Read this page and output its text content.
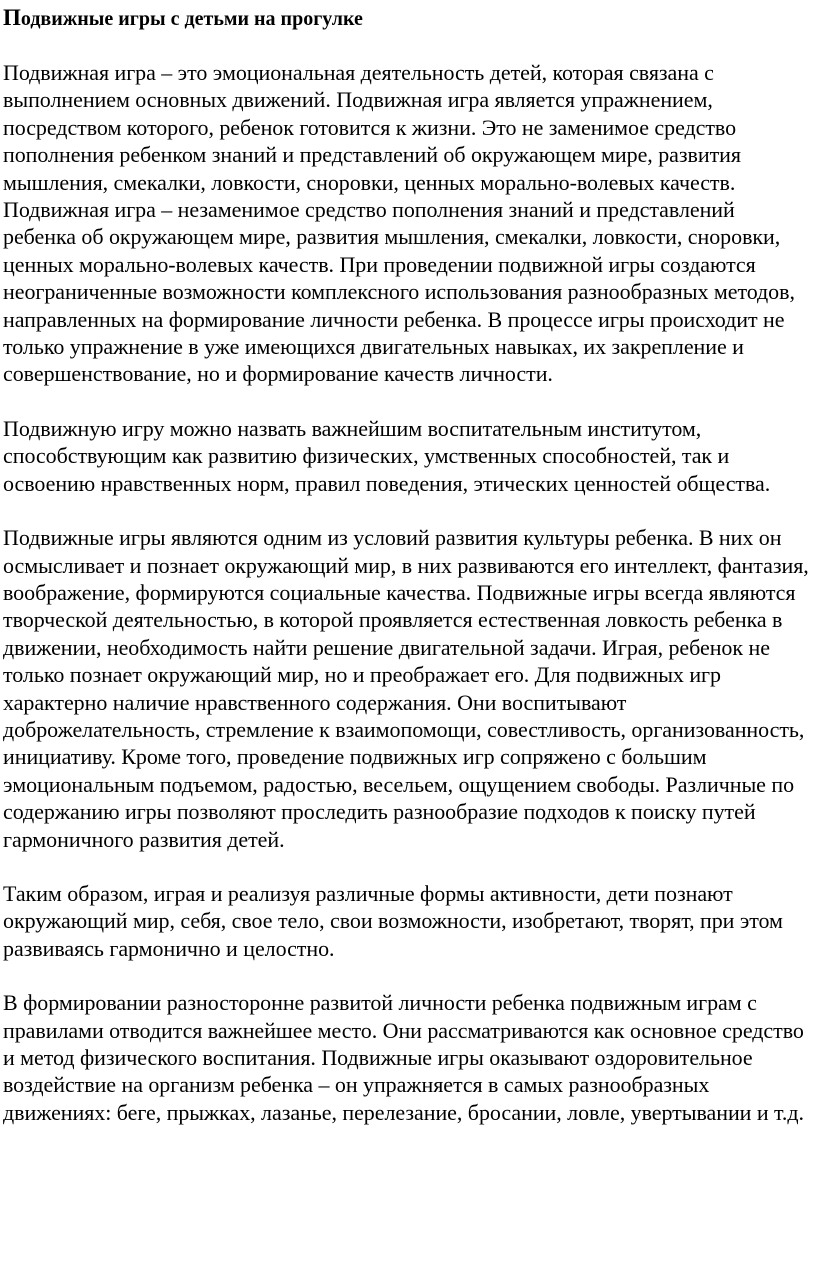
Подвижные игры с детьми на прогулке

Подвижная игра – это эмоциональная деятельность детей, которая связана с выполнением основных движений. Подвижная игра является упражнением, посредством которого, ребенок готовится к жизни. Это не заменимое средство пополнения ребенком знаний и представлений об окружающем мире, развития мышления, смекалки, ловкости, сноровки, ценных морально-волевых качеств. Подвижная игра – незаменимое средство пополнения знаний и представлений ребенка об окружающем мире, развития мышления, смекалки, ловкости, сноровки, ценных морально-волевых качеств. При проведении подвижной игры создаются неограниченные возможности комплексного использования разнообразных методов, направленных на формирование личности ребенка. В процессе игры происходит не только упражнение в уже имеющихся двигательных навыках, их закрепление и совершенствование, но и формирование качеств личности.

Подвижную игру можно назвать важнейшим воспитательным институтом, способствующим как развитию физических, умственных способностей, так и освоению нравственных норм, правил поведения, этических ценностей общества.

Подвижные игры являются одним из условий развития культуры ребенка. В них он осмысливает и познает окружающий мир, в них развиваются его интеллект, фантазия, воображение, формируются социальные качества. Подвижные игры всегда являются творческой деятельностью, в которой проявляется естественная ловкость ребенка в движении, необходимость найти решение двигательной задачи. Играя, ребенок не только познает окружающий мир, но и преображает его. Для подвижных игр характерно наличие нравственного содержания. Они воспитывают доброжелательность, стремление к взаимопомощи, совестливость, организованность, инициативу. Кроме того, проведение подвижных игр сопряжено с большим эмоциональным подъемом, радостью, весельем, ощущением свободы. Различные по содержанию игры позволяют проследить разнообразие подходов к поиску путей гармоничного развития детей.

Таким образом, играя и реализуя различные формы активности, дети познают окружающий мир, себя, свое тело, свои возможности, изобретают, творят, при этом развиваясь гармонично и целостно.

В формировании разносторонне развитой личности ребенка подвижным играм с правилами отводится важнейшее место. Они рассматриваются как основное средство и метод физического воспитания. Подвижные игры оказывают оздоровительное воздействие на организм ребенка – он упражняется в самых разнообразных движениях: беге, прыжках, лазанье, перелезание, бросании, ловле, увертывании и т.д.
